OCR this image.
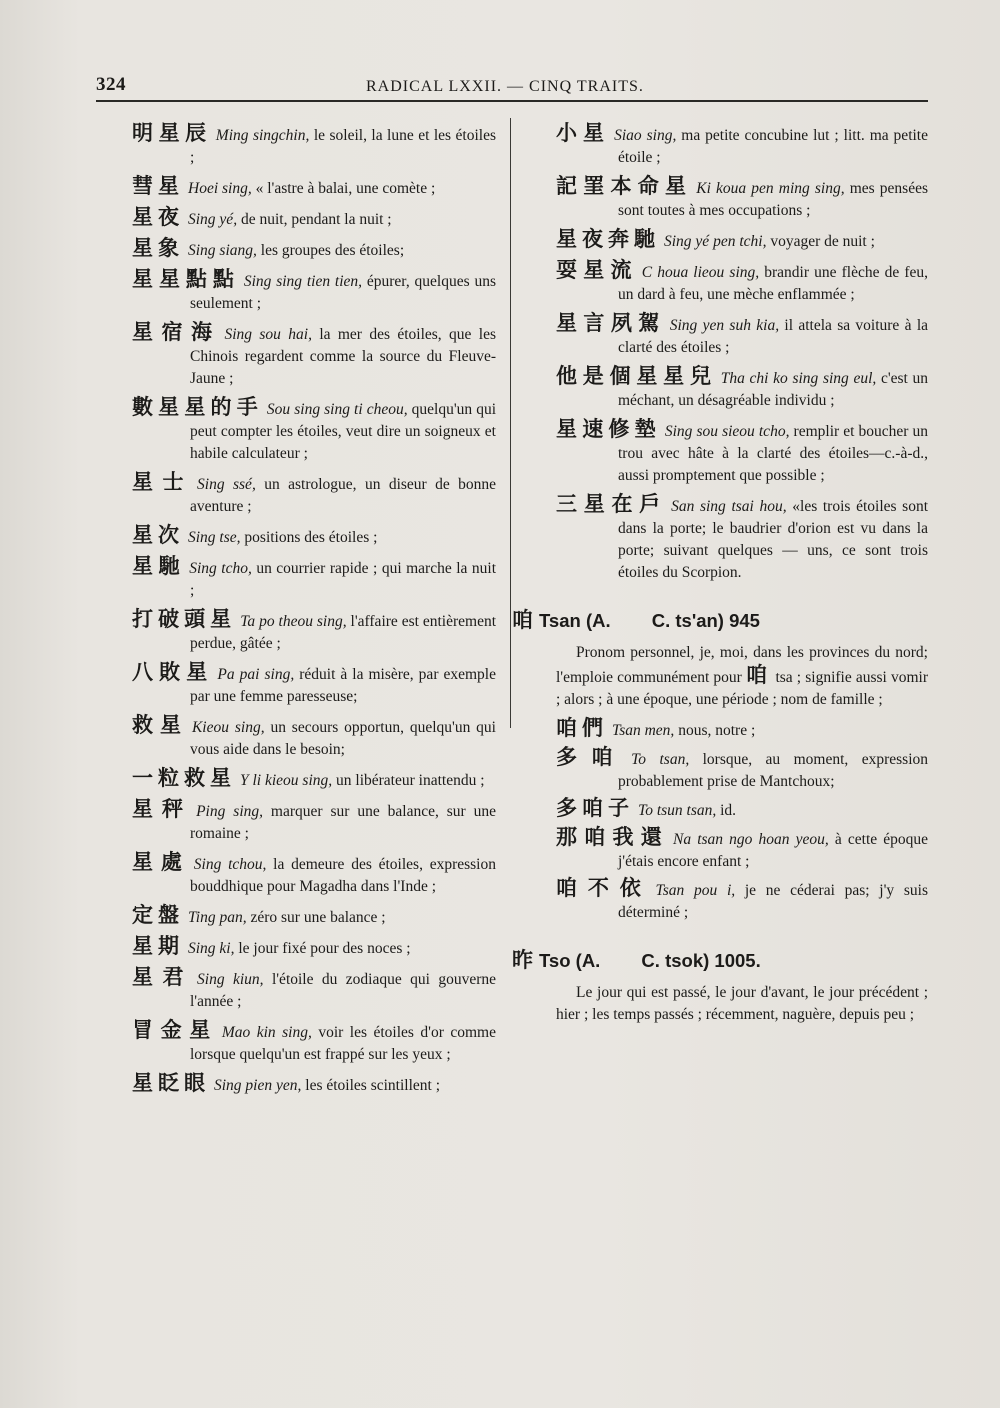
324	RADICAL LXXII. — CINQ TRAITS.
明星辰 Ming singchin, le soleil, la lune et les étoiles ;
彗星 Hoei sing, « l'astre à balai, une comète ;
星夜 Sing yé, de nuit, pendant la nuit ;
星象 Sing siang, les groupes des étoiles;
星星點點 Sing sing tien tien, épurer, quelques uns seulement ;
星宿海 Sing sou hai, la mer des étoiles, que les Chinois regardent comme la source du Fleuve-Jaune ;
數星星的手 Sou sing sing ti cheou, quelqu'un qui peut compter les étoiles, veut dire un soigneux et habile calculateur ;
星士 Sing ssé, un astrologue, un diseur de bonne aventure ;
星次 Sing tse, positions des étoiles ;
星馳 Sing tcho, un courrier rapide ; qui marche la nuit ;
打破頭星 Ta po theou sing, l'affaire est entièrement perdue, gâtée ;
八敗星 Pa pai sing, réduit à la misère, par exemple par une femme paresseuse;
救星 Kieou sing, un secours opportun, quelqu'un qui vous aide dans le besoin;
一粒救星 Y li kieou sing, un libérateur inattendu ;
星秤 Ping sing, marquer sur une balance, sur une romaine ;
星處 Sing tchou, la demeure des étoiles, expression bouddhique pour Magadha dans l'Inde ;
定盤 Ting pan, zéro sur une balance ;
星期 Sing ki, le jour fixé pour des noces ;
星君 Sing kiun, l'étoile du zodiaque qui gouverne l'année ;
冒金星 Mao kin sing, voir les étoiles d'or comme lorsque quelqu'un est frappé sur les yeux ;
星眨眼 Sing pien yen, les étoiles scintillent ;
小星 Siao sing, ma petite concubine lut ; litt. ma petite étoile ;
記罣本命星 Ki koua pen ming sing, mes pensées sont toutes à mes occupations ;
星夜奔馳 Sing yé pen tchi, voyager de nuit ;
耍星流 C houa lieou sing, brandir une flèche de feu, un dard à feu, une mèche enflammée ;
星言夙駕 Sing yen suh kia, il attela sa voiture à la clarté des étoiles ;
他是個星星兒 Tha chi ko sing sing eul, c'est un méchant, un désagréable individu ;
星速修墊 Sing sou sieou tcho, remplir et boucher un trou avec hâte à la clarté des étoiles—c.-à-d., aussi promptement que possible ;
三星在戶 San sing tsai hou, «les trois étoiles sont dans la porte; le baudrier d'orion est vu dans la porte; suivant quelques — uns, ce sont trois étoiles du Scorpion.
咱 Tsan (A.        C. ts'an) 945
Pronom personnel, je, moi, dans les provinces du nord; l'emploie communément pour 咱 tsa ; signifie aussi vomir ; alors ; à une époque, une période ; nom de famille ;
咱們 Tsan men, nous, notre ;
多咱 To tsan, lorsque, au moment, expression probablement prise de Mantchoux;
多咱子 To tsun tsan, id.
那咱我還 Na tsan ngo hoan yeou, à cette époque j'étais encore enfant ;
咱不依 Tsan pou i, je ne céderai pas; j'y suis déterminé ;
昨 Tso (A.        C. tsok) 1005.
Le jour qui est passé, le jour d'avant, le jour précédent ; hier ; les temps passés ; récemment, naguère, depuis peu ;
